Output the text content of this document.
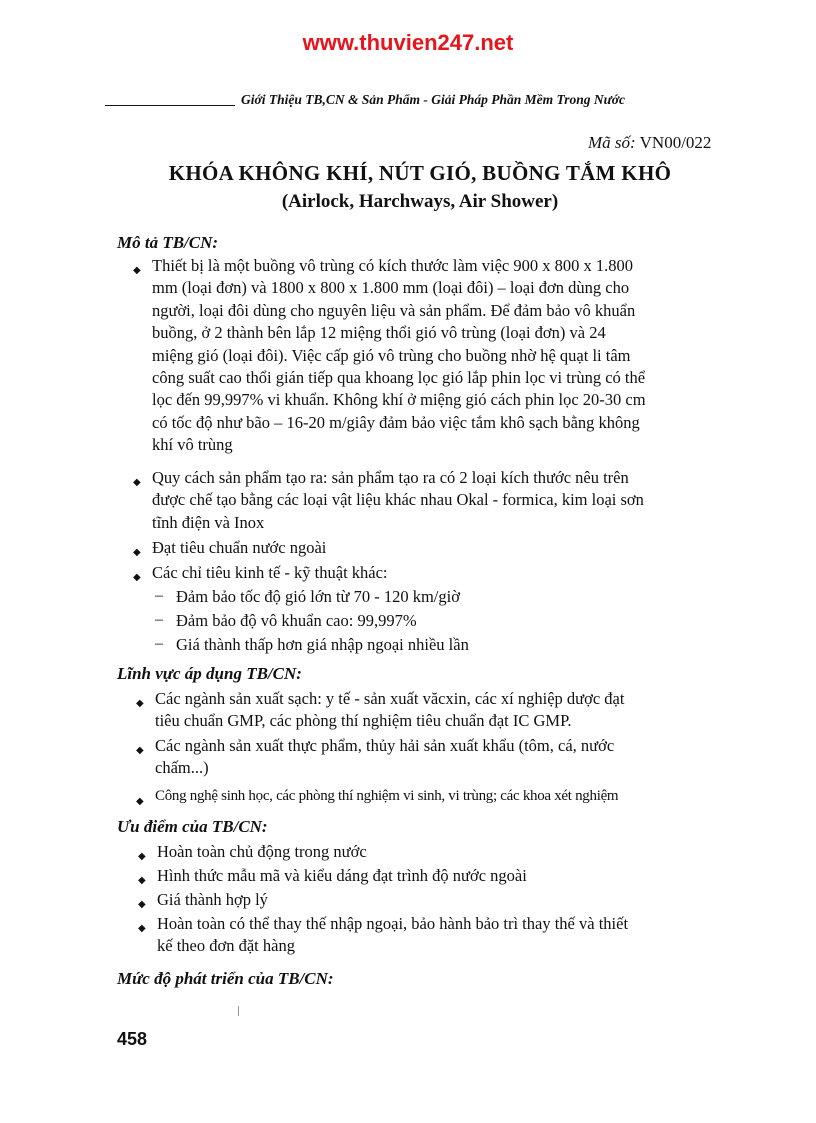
www.thuvien247.net
Giới Thiệu TB,CN & Sản Phẩm - Giải Pháp Phần Mềm Trong Nước
Mã số: VN00/022
KHÓA KHÔNG KHÍ, NÚT GIÓ, BUỒNG TẮM KHÔ
(Airlock, Harchways, Air Shower)
Mô tả TB/CN:
◆ Thiết bị là một buồng vô trùng có kích thước làm việc 900 x 800 x 1.800
mm (loại đơn) và 1800 x 800 x 1.800 mm (loại đôi) – loại đơn dùng cho
người, loại đôi dùng cho nguyên liệu và sản phẩm. Để đảm bảo vô khuẩn
buồng, ở 2 thành bên lắp 12 miệng thổi gió vô trùng (loại đơn) và 24
miệng gió (loại đôi). Việc cấp gió vô trùng cho buồng nhờ hệ quạt li tâm
công suất cao thổi gián tiếp qua khoang lọc gió lắp phin lọc vi trùng có thể
lọc đến 99,997% vi khuẩn. Không khí ở miệng gió cách phin lọc 20-30 cm
có tốc độ như bão – 16-20 m/giây đảm bảo việc tắm khô sạch bằng không
khí vô trùng
◆ Quy cách sản phẩm tạo ra: sản phẩm tạo ra có 2 loại kích thước nêu trên
được chế tạo bằng các loại vật liệu khác nhau Okal - formica, kim loại sơn
tĩnh điện và Inox
◆ Đạt tiêu chuẩn nước ngoài
◆ Các chỉ tiêu kinh tế - kỹ thuật khác:
– Đảm bảo tốc độ gió lớn từ 70 - 120 km/giờ
– Đảm bảo độ vô khuẩn cao: 99,997%
– Giá thành thấp hơn giá nhập ngoại nhiều lần
Lĩnh vực áp dụng TB/CN:
◆ Các ngành sản xuất sạch: y tế - sản xuất văcxin, các xí nghiệp dược đạt
tiêu chuẩn GMP, các phòng thí nghiệm tiêu chuẩn đạt IC GMP.
◆ Các ngành sản xuất thực phẩm, thủy hải sản xuất khẩu (tôm, cá, nước
chấm...)
◆ Công nghệ sinh học, các phòng thí nghiệm vi sinh, vi trùng; các khoa xét nghiệm
Ưu điểm của TB/CN:
◆ Hoàn toàn chủ động trong nước
◆ Hình thức mẫu mã và kiểu dáng đạt trình độ nước ngoài
◆ Giá thành hợp lý
◆ Hoàn toàn có thể thay thế nhập ngoại, bảo hành bảo trì thay thế và thiết
kế theo đơn đặt hàng
Mức độ phát triển của TB/CN:
458
